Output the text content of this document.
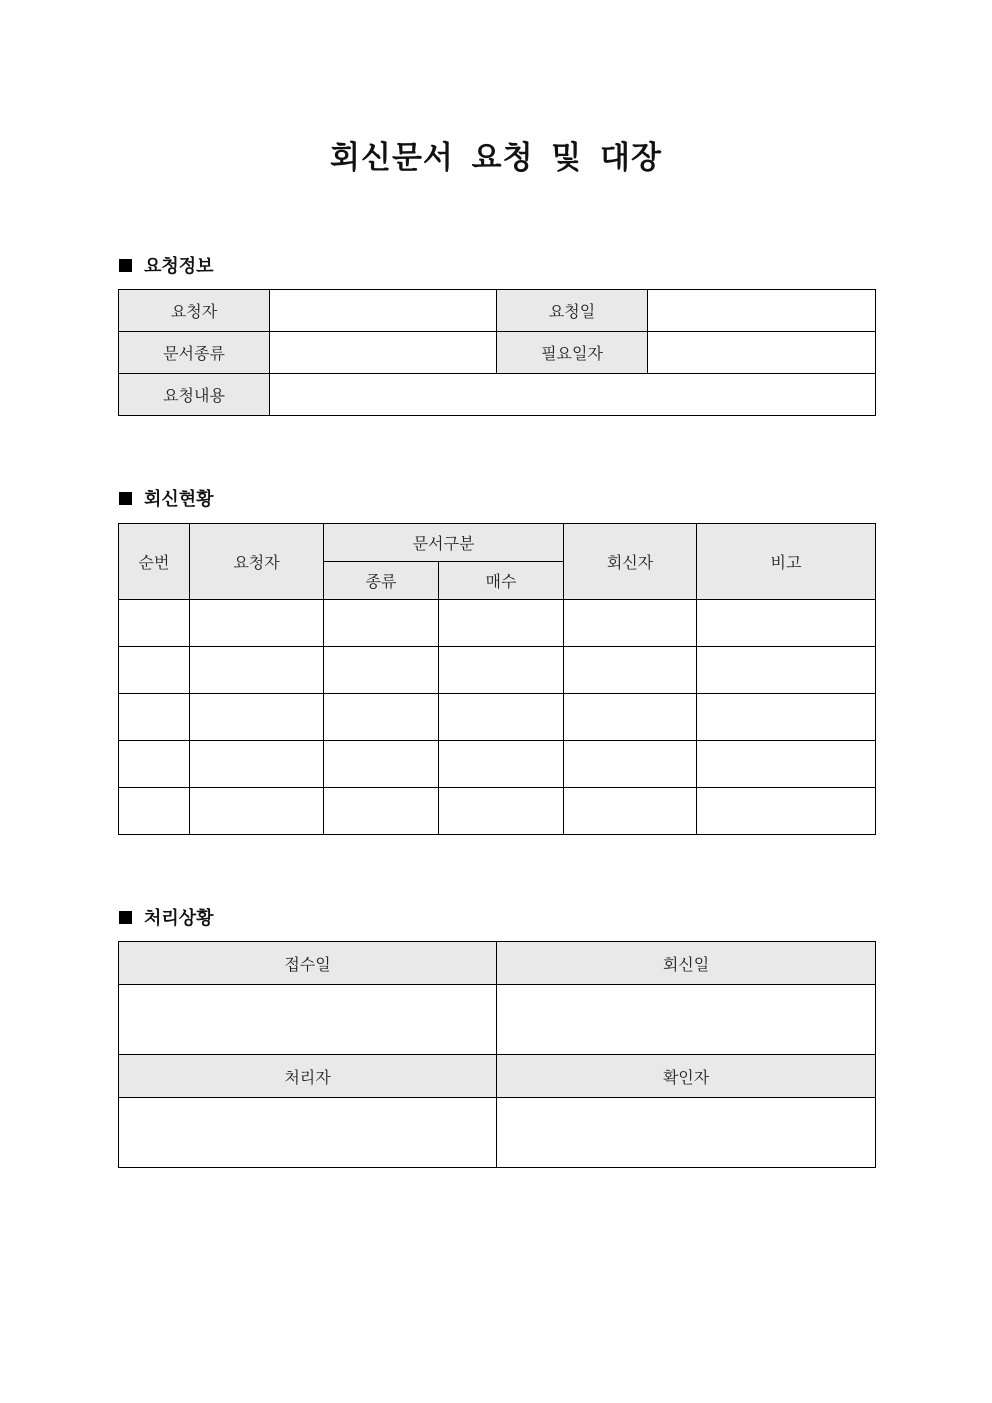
회신문서 요청 및 대장
요청정보
요청자		요청일	
문서종류		필요일자	
요청내용			
회신현황
순번	요청자	문서구분		회신자	비고
		종류	매수		

처리상황
접수일	회신일

처리자	확인자
